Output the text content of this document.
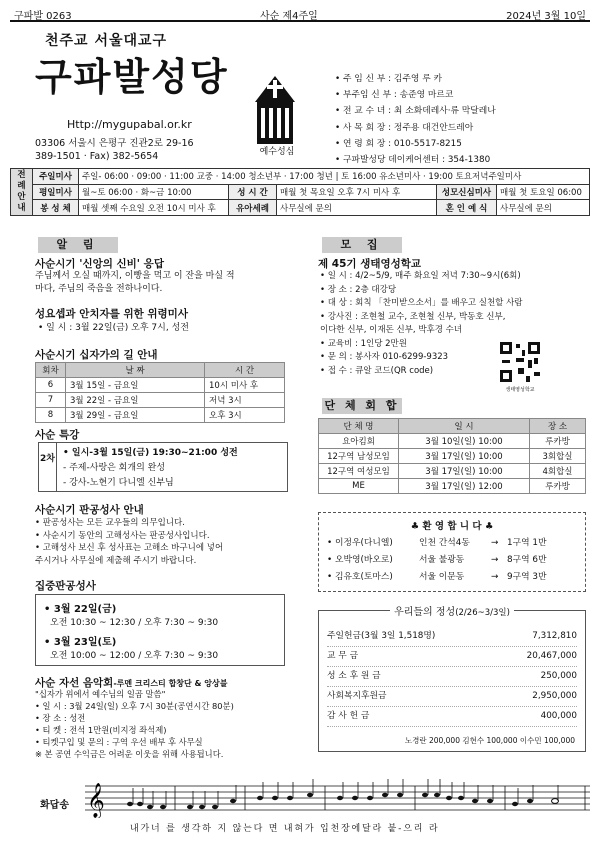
구파발 0263	사순 제4주일	2024년 3월 10일
천주교 서울대교구
구파발성당
Http://mygupabal.or.kr
03306 서울시 은평구 진관2로 29-16
389-1501 · Fax) 382-5654	예수성심
• 주 임 신 부 : 김주영 루 카
• 부주임 신 부 : 송준영 마르코
• 전 교 수 녀 : 최 소화데레사·류 막달레나
• 사 목 회 장 : 정주용 대건안드레아
• 연 령 회 장 : 010-5517-8215
• 구파발성당 데이케어센터 : 354-1380
전례안내	주일미사	주일- 06:00 · 09:00 · 11:00 교중 · 14:00 청소년부 · 17:00 청년 | 토 16:00 유소년미사 · 19:00 토요저녁주일미사				
	평일미사	월~토 06:00 · 화~금 10:00	성 시 간	매월 첫 목요일 오후 7시 미사 후	성모신심미사	매월 첫 토요일 06:00
	봉 성 체	매월 셋째 수요일 오전 10시 미사 후	유아세례	사무실에 문의	혼 인 예 식	사무실에 문의
알 림
사순시기 '신앙의 신비' 응답
주님께서 오실 때까지, 이빵을 먹고 이 잔을 마실 적
마다, 주님의 죽음을 전하나이다.
성요셉과 안치자를 위한 위령미사
• 일 시 : 3월 22일(금) 오후 7시, 성전
사순시기 십자가의 길 안내
회차	날 짜	시 간
6	3월 15일 - 금요일	10시 미사 후
7	3월 22일 - 금요일	저녁 3시
8	3월 29일 - 금요일	오후 3시
사순 특강
2차
• 일시-3월 15일(금) 19:30~21:00 성전
- 주제-사랑은 회개의 완성
- 강사-노현기 다니엘 신부님
사순시기 판공성사 안내
• 판공성사는 모든 교우들의 의무입니다.
• 사순시기 동안의 고해성사는 판공성사입니다.
• 고해성사 보신 후 성사표는 고해소 바구니에 넣어
주시거나 사무실에 제출해 주시기 바랍니다.
집중판공성사
• 3월 22일(금)
오전 10:30 ~ 12:30 / 오후 7:30 ~ 9:30
• 3월 23일(토)
오전 10:00 ~ 12:00 / 오후 7:30 ~ 9:30
사순 자선 음악회-루멘 크리스티 합창단 & 앙상블
"십자가 위에서 예수님의 일곱 말씀"
• 일 시 : 3월 24일(일) 오후 7시 30분(공연시간 80분)
• 장 소 : 성전
• 티 켓 : 전석 1만원(비지정 좌석제)
• 티켓구입 및 문의 : 구역 우선 배부 후 사무실
※ 본 공연 수익금은 어려운 이웃을 위해 사용됩니다.
모 집
제 45기 생태영성학교
• 일 시 : 4/2~5/9, 매주 화요일 저녁 7:30~9시(6회)
• 장 소 : 2층 대강당
• 대 상 : 회칙 「찬미받으소서」를 배우고 실천할 사람
• 강사진 : 조현철 교수, 조현철 신부, 박동호 신부,
이다한 신부, 이재돈 신부, 박후경 수녀
• 교육비 : 1인당 2만원
• 문 의 : 봉사자 010-6299-9323
• 접 수 : 큐알 코드(QR code)
생태영성학교
단 체 회 합
단 체 명	일 시	장 소
요아킴회	3월 10일(일) 10:00	루카방
12구역 남성모임	3월 17일(일) 10:00	3회합실
12구역 여성모임	3월 17일(일) 10:00	4회합실
ME	3월 17일(일) 12:00	루카방
♣ 환 영 합 니 다 ♣
• 이정우(다니엘)	인천 간석4동 → 1구역 1반
• 오박영(바오로)	서울 불광동	→ 8구역 6반
• 김유호(토마스)	서울 이문동	→ 9구역 3반
우리들의 정성(2/26~3/3일)
주일헌금(3월 3일 1,518명)	7,312,810
교 무 금	20,467,000
성 소 후 원 금	250,000
사회복지후원금	2,950,000
감 사 헌 금	400,000
노경란 200,000 김현수 100,000 이수민 100,000
화답송 𝄞
내가너 를 생각하 지 않는다 면 내혀가 입천장에달라 붙-으리 라
